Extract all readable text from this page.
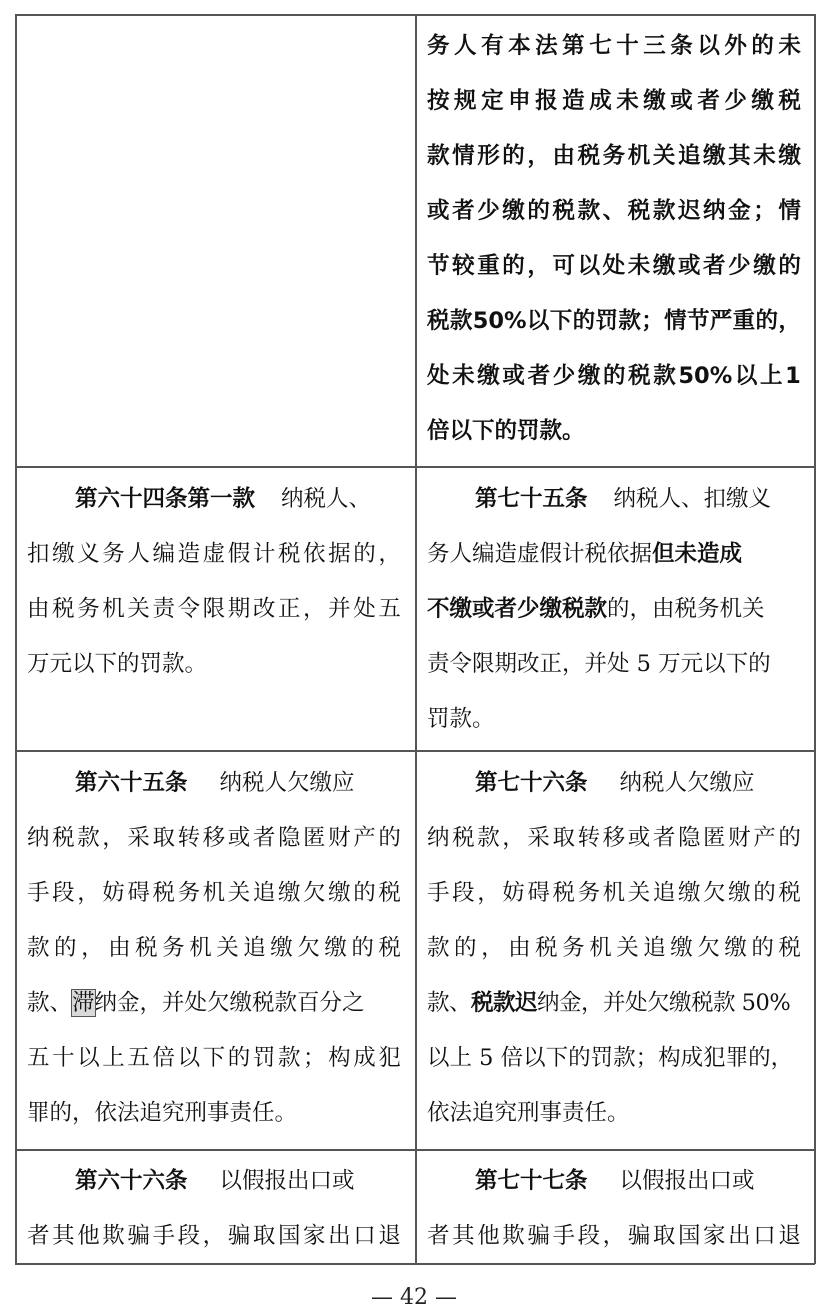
务 人 有 本 法 第 七 十 三 条 以 外 的 未
按 规 定 申 报 造 成 未 缴 或 者 少 缴 税
款 情 形 的 ， 由 税 务 机 关 追 缴 其 未 缴
或 者 少 缴 的 税 款 、 税 款 迟 纳 金 ； 情
节 较 重 的 ， 可 以 处 未 缴 或 者 少 缴 的
税 款 50% 以 下 的 罚 款 ； 情 节 严 重 的 ，
处 未 缴 或 者 少 缴 的 税 款 50% 以 上 1
倍以下的罚款。
第六十四条第一款 纳税人、
扣 缴 义 务 人 编 造 虚 假 计 税 依 据 的 ，
由 税 务 机 关 责 令 限 期 改 正 ， 并 处 五
万元以下的罚款。
第七十五条 纳税人、扣缴义
务人编造虚假计税依据但未造成
不缴或者少缴税款的，由税务机关
责令限期改正，并处 5 万元以下的
罚款。
第六十五条 纳税人欠缴应
纳 税 款 ， 采 取 转 移 或 者 隐 匿 财 产 的
手 段 ， 妨 碍 税 务 机 关 追 缴 欠 缴 的 税
款 的 ， 由 税 务 机 关 追 缴 欠 缴 的 税
款、滞纳金，并处欠缴税款百分之
五 十 以 上 五 倍 以 下 的 罚 款 ； 构 成 犯
罪的，依法追究刑事责任。
第七十六条 纳税人欠缴应
纳 税 款 ， 采 取 转 移 或 者 隐 匿 财 产 的
手 段 ， 妨 碍 税 务 机 关 追 缴 欠 缴 的 税
款 的 ， 由 税 务 机 关 追 缴 欠 缴 的 税
款、税款迟纳金，并处欠缴税款 50%
以上 5 倍以下的罚款；构成犯罪的，
依法追究刑事责任。
第六十六条 以假报出口或
者 其 他 欺 骗 手 段 ， 骗 取 国 家 出 口 退
第七十七条 以假报出口或
者 其 他 欺 骗 手 段 ， 骗 取 国 家 出 口 退
— 42 —
